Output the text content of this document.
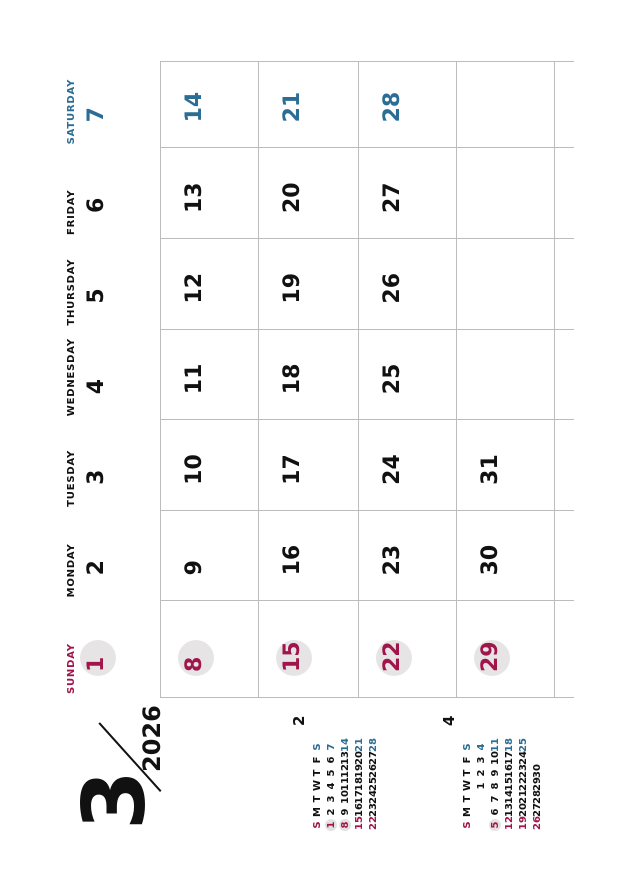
SUNDAY
MONDAY
TUESDAY
WEDNESDAY
THURSDAY
FRIDAY
SATURDAY
1
2
3
4
5
6
7
8
9
10
11
12
13
14
15
16
17
18
19
20
21
22
23
24
25
26
27
28
29
30
31
3
2026	2
S
M
T
W
T
F
S
1
2
3
4
5
6
7
8
9
10
11
12
13
14
15
16
17
18
19
20
21
22
23
24
25
26
27
28
4
S
M
T
W
T
F
S
1
2
3
4
5
6
7
8
9
10
11
12
13
14
15
16
17
18
19
20
21
22
23
24
25
26
27
28
29
30
